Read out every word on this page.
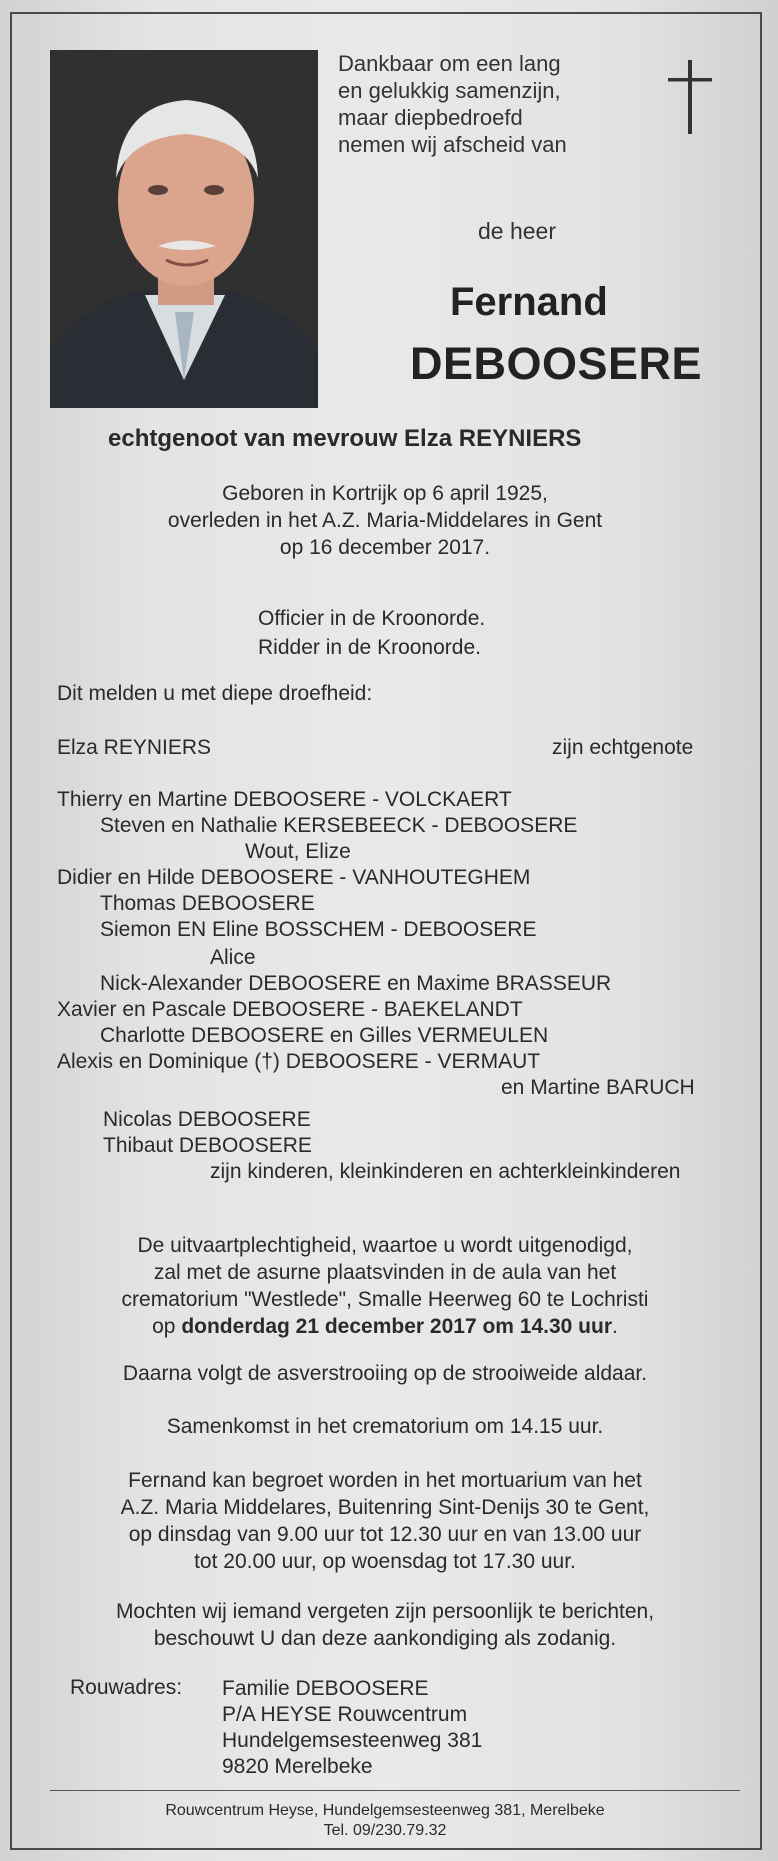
Dankbaar om een lang
en gelukkig samenzijn,
maar diepbedroefd
nemen wij afscheid van
de heer
Fernand
DEBOOSERE
echtgenoot van mevrouw Elza REYNIERS
Geboren in Kortrijk op 6 april 1925,
overleden in het A.Z. Maria-Middelares in Gent
op 16 december 2017.
Officier in de Kroonorde.
Ridder in de Kroonorde.
Dit melden u met diepe droefheid:
Elza REYNIERS	zijn echtgenote
Thierry en Martine DEBOOSERE - VOLCKAERT
Steven en Nathalie KERSEBEECK - DEBOOSERE
Wout, Elize
Didier en Hilde DEBOOSERE - VANHOUTEGHEM
Thomas DEBOOSERE
Siemon EN Eline BOSSCHEM - DEBOOSERE
Alice
Nick-Alexander DEBOOSERE en Maxime BRASSEUR
Xavier en Pascale DEBOOSERE - BAEKELANDT
Charlotte DEBOOSERE en Gilles VERMEULEN
Alexis en Dominique (†) DEBOOSERE - VERMAUT
en Martine BARUCH
Nicolas DEBOOSERE
Thibaut DEBOOSERE
zijn kinderen, kleinkinderen en achterkleinkinderen
De uitvaartplechtigheid, waartoe u wordt uitgenodigd,
zal met de asurne plaatsvinden in de aula van het
crematorium "Westlede", Smalle Heerweg 60 te Lochristi
op donderdag 21 december 2017 om 14.30 uur.
Daarna volgt de asverstrooiing op de strooiweide aldaar.
Samenkomst in het crematorium om 14.15 uur.
Fernand kan begroet worden in het mortuarium van het
A.Z. Maria Middelares, Buitenring Sint-Denijs 30 te Gent,
op dinsdag van 9.00 uur tot 12.30 uur en van 13.00 uur
tot 20.00 uur, op woensdag tot 17.30 uur.
Mochten wij iemand vergeten zijn persoonlijk te berichten,
beschouwt U dan deze aankondiging als zodanig.
Rouwadres: Familie DEBOOSERE
P/A HEYSE Rouwcentrum
Hundelgemsesteenweg 381
9820 Merelbeke
Rouwcentrum Heyse, Hundelgemsesteenweg 381, Merelbeke
Tel. 09/230.79.32
